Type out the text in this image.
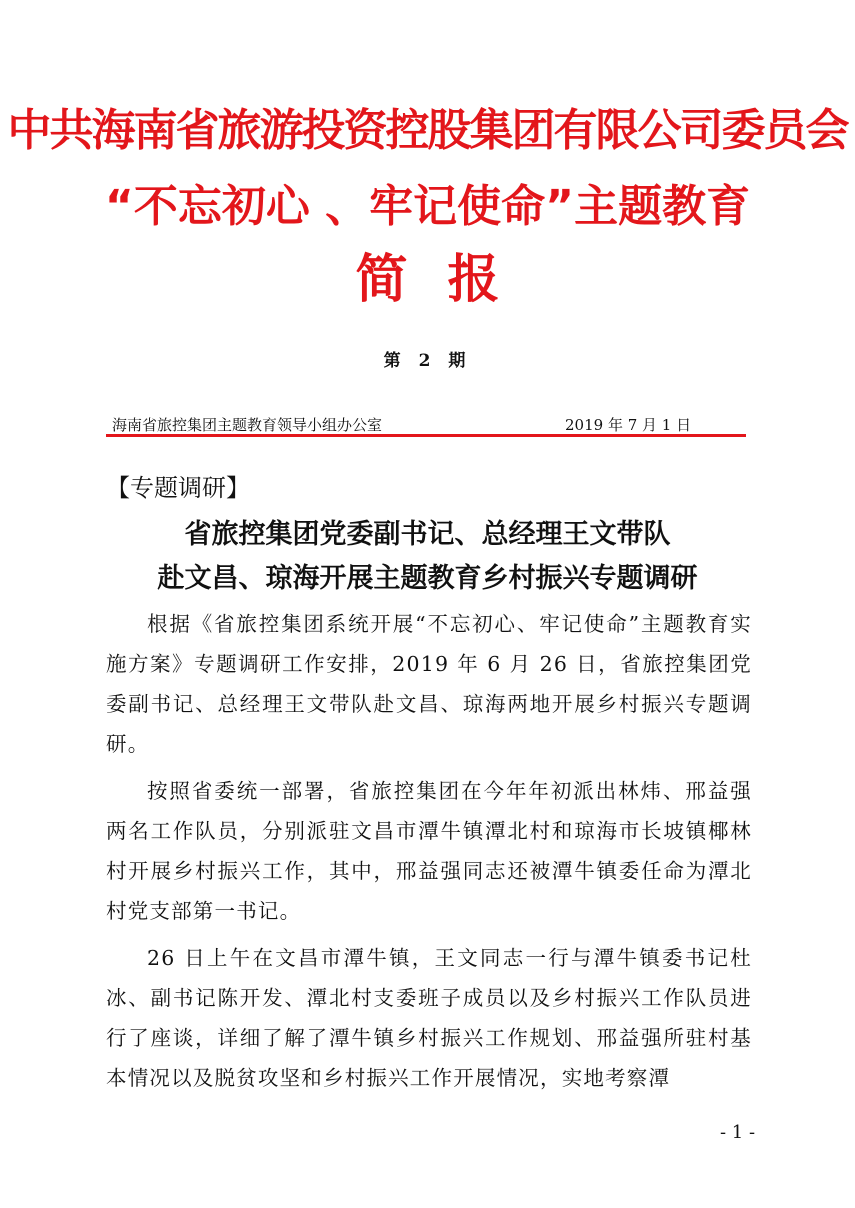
中共海南省旅游投资控股集团有限公司委员会
“不忘初心 、牢记使命”主题教育
简报
第 2 期
海南省旅控集团主题教育领导小组办公室	2019 年 7 月 1 日
【专题调研】
省旅控集团党委副书记、总经理王文带队
赴文昌、琼海开展主题教育乡村振兴专题调研

根据《省旅控集团系统开展“不忘初心、牢记使命”主题教育实施方案》专题调研工作安排，2019 年 6 月 26 日，省旅控集团党委副书记、总经理王文带队赴文昌、琼海两地开展乡村振兴专题调研。

按照省委统一部署，省旅控集团在今年年初派出林炜、邢益强两名工作队员，分别派驻文昌市潭牛镇潭北村和琼海市长坡镇椰林村开展乡村振兴工作，其中，邢益强同志还被潭牛镇委任命为潭北村党支部第一书记。

26 日上午在文昌市潭牛镇，王文同志一行与潭牛镇委书记杜冰、副书记陈开发、潭北村支委班子成员以及乡村振兴工作队员进行了座谈，详细了解了潭牛镇乡村振兴工作规划、邢益强所驻村基本情况以及脱贫攻坚和乡村振兴工作开展情况，实地考察潭

- 1 -
